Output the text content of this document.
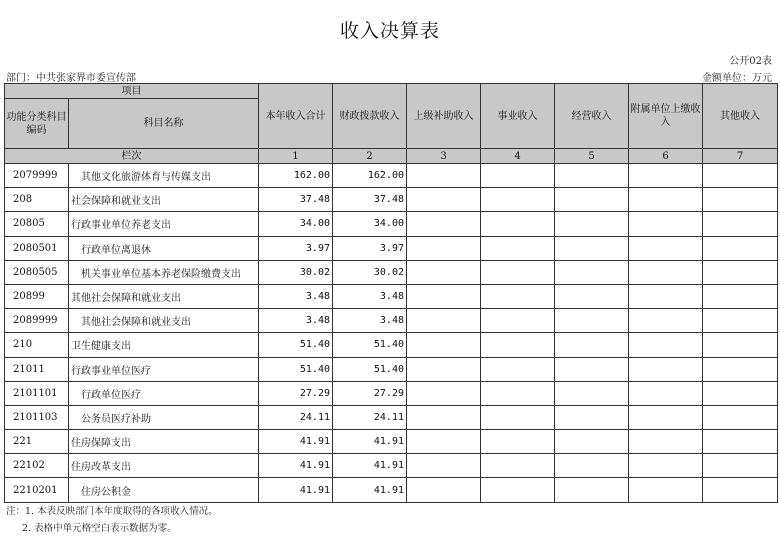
收入决算表
公开02表
部门：中共张家界市委宣传部	金额单位：万元
项目		本年收入合计	财政拨款收入	上级补助收入	事业收入	经营收入	附属单位上缴收入	其他收入
功能分类科目编码	科目名称							
栏次		1	2	3	4	5	6	7
2079999	其他文化旅游体育与传媒支出	162.00	162.00					
208	社会保障和就业支出	37.48	37.48					
20805	行政事业单位养老支出	34.00	34.00					
2080501	行政单位离退休	3.97	3.97					
2080505	机关事业单位基本养老保险缴费支出	30.02	30.02					
20899	其他社会保障和就业支出	3.48	3.48					
2089999	其他社会保障和就业支出	3.48	3.48					
210	卫生健康支出	51.40	51.40					
21011	行政事业单位医疗	51.40	51.40					
2101101	行政单位医疗	27.29	27.29					
2101103	公务员医疗补助	24.11	24.11					
221	住房保障支出	41.91	41.91					
22102	住房改革支出	41.91	41.91					
2210201	住房公积金	41.91	41.91					
注：1. 本表反映部门本年度取得的各项收入情况。
2. 表格中单元格空白表示数据为零。
